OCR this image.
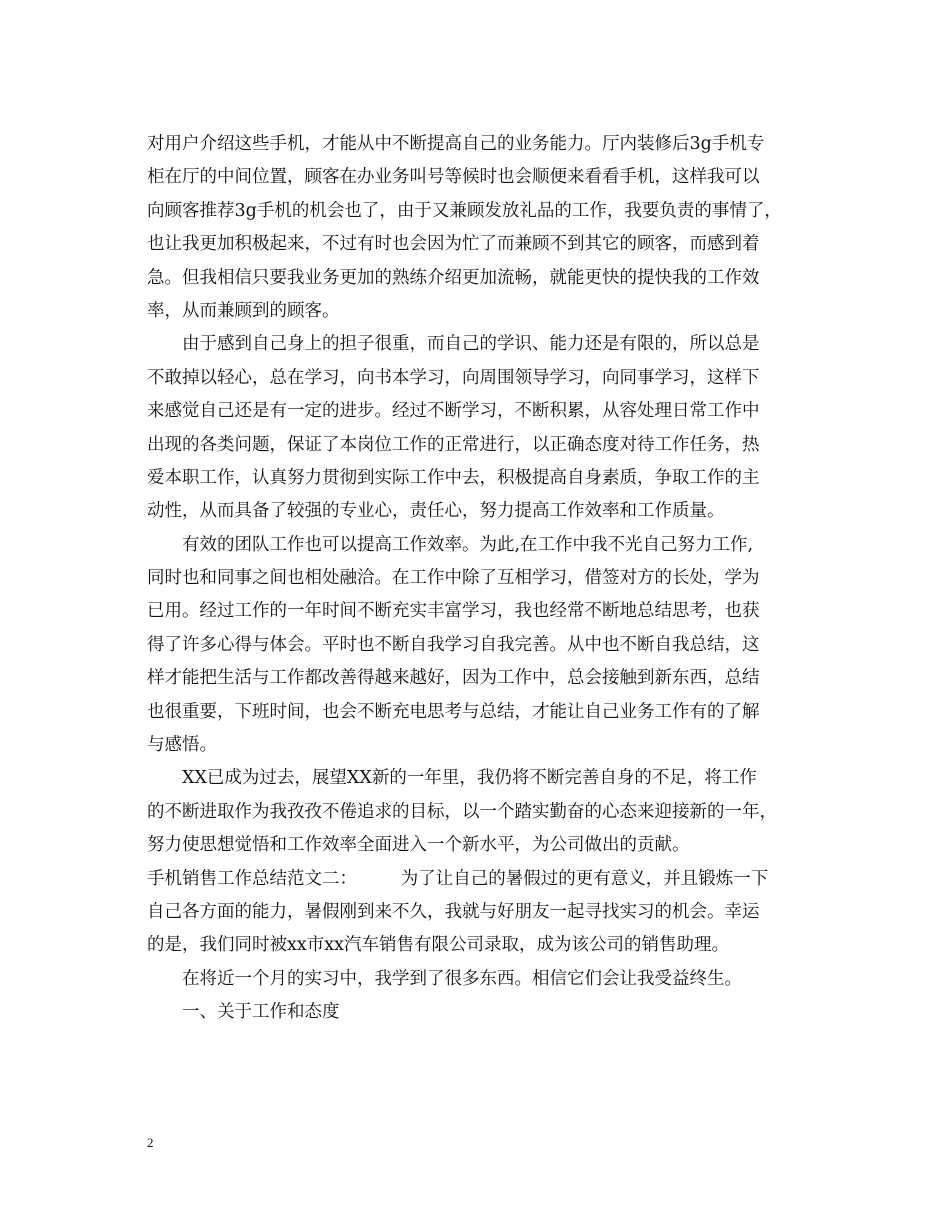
对用户介绍这些手机，才能从中不断提高自己的业务能力。厅内装修后3g手机专
柜在厅的中间位置，顾客在办业务叫号等候时也会顺便来看看手机，这样我可以
向顾客推荐3g手机的机会也了，由于又兼顾发放礼品的工作，我要负责的事情了，
也让我更加积极起来，不过有时也会因为忙了而兼顾不到其它的顾客，而感到着
急。但我相信只要我业务更加的熟练介绍更加流畅，就能更快的提快我的工作效
率，从而兼顾到的顾客。
　　由于感到自己身上的担子很重，而自己的学识、能力还是有限的，所以总是
不敢掉以轻心，总在学习，向书本学习，向周围领导学习，向同事学习，这样下
来感觉自己还是有一定的进步。经过不断学习，不断积累，从容处理日常工作中
出现的各类问题，保证了本岗位工作的正常进行，以正确态度对待工作任务，热
爱本职工作，认真努力贯彻到实际工作中去，积极提高自身素质，争取工作的主
动性，从而具备了较强的专业心，责任心，努力提高工作效率和工作质量。
　　有效的团队工作也可以提高工作效率。为此,在工作中我不光自己努力工作,
同时也和同事之间也相处融洽。在工作中除了互相学习，借签对方的长处，学为
已用。经过工作的一年时间不断充实丰富学习，我也经常不断地总结思考，也获
得了许多心得与体会。平时也不断自我学习自我完善。从中也不断自我总结，这
样才能把生活与工作都改善得越来越好，因为工作中，总会接触到新东西，总结
也很重要，下班时间，也会不断充电思考与总结，才能让自己业务工作有的了解
与感悟。
　　XX已成为过去，展望XX新的一年里，我仍将不断完善自身的不足，将工作
的不断进取作为我孜孜不倦追求的目标，以一个踏实勤奋的心态来迎接新的一年，
努力使思想觉悟和工作效率全面进入一个新水平，为公司做出的贡献。
手机销售工作总结范文二：　　　为了让自己的暑假过的更有意义，并且锻炼一下
自己各方面的能力，暑假刚到来不久，我就与好朋友一起寻找实习的机会。幸运
的是，我们同时被xx市xx汽车销售有限公司录取，成为该公司的销售助理。
　　在将近一个月的实习中，我学到了很多东西。相信它们会让我受益终生。
　　一、关于工作和态度
2
